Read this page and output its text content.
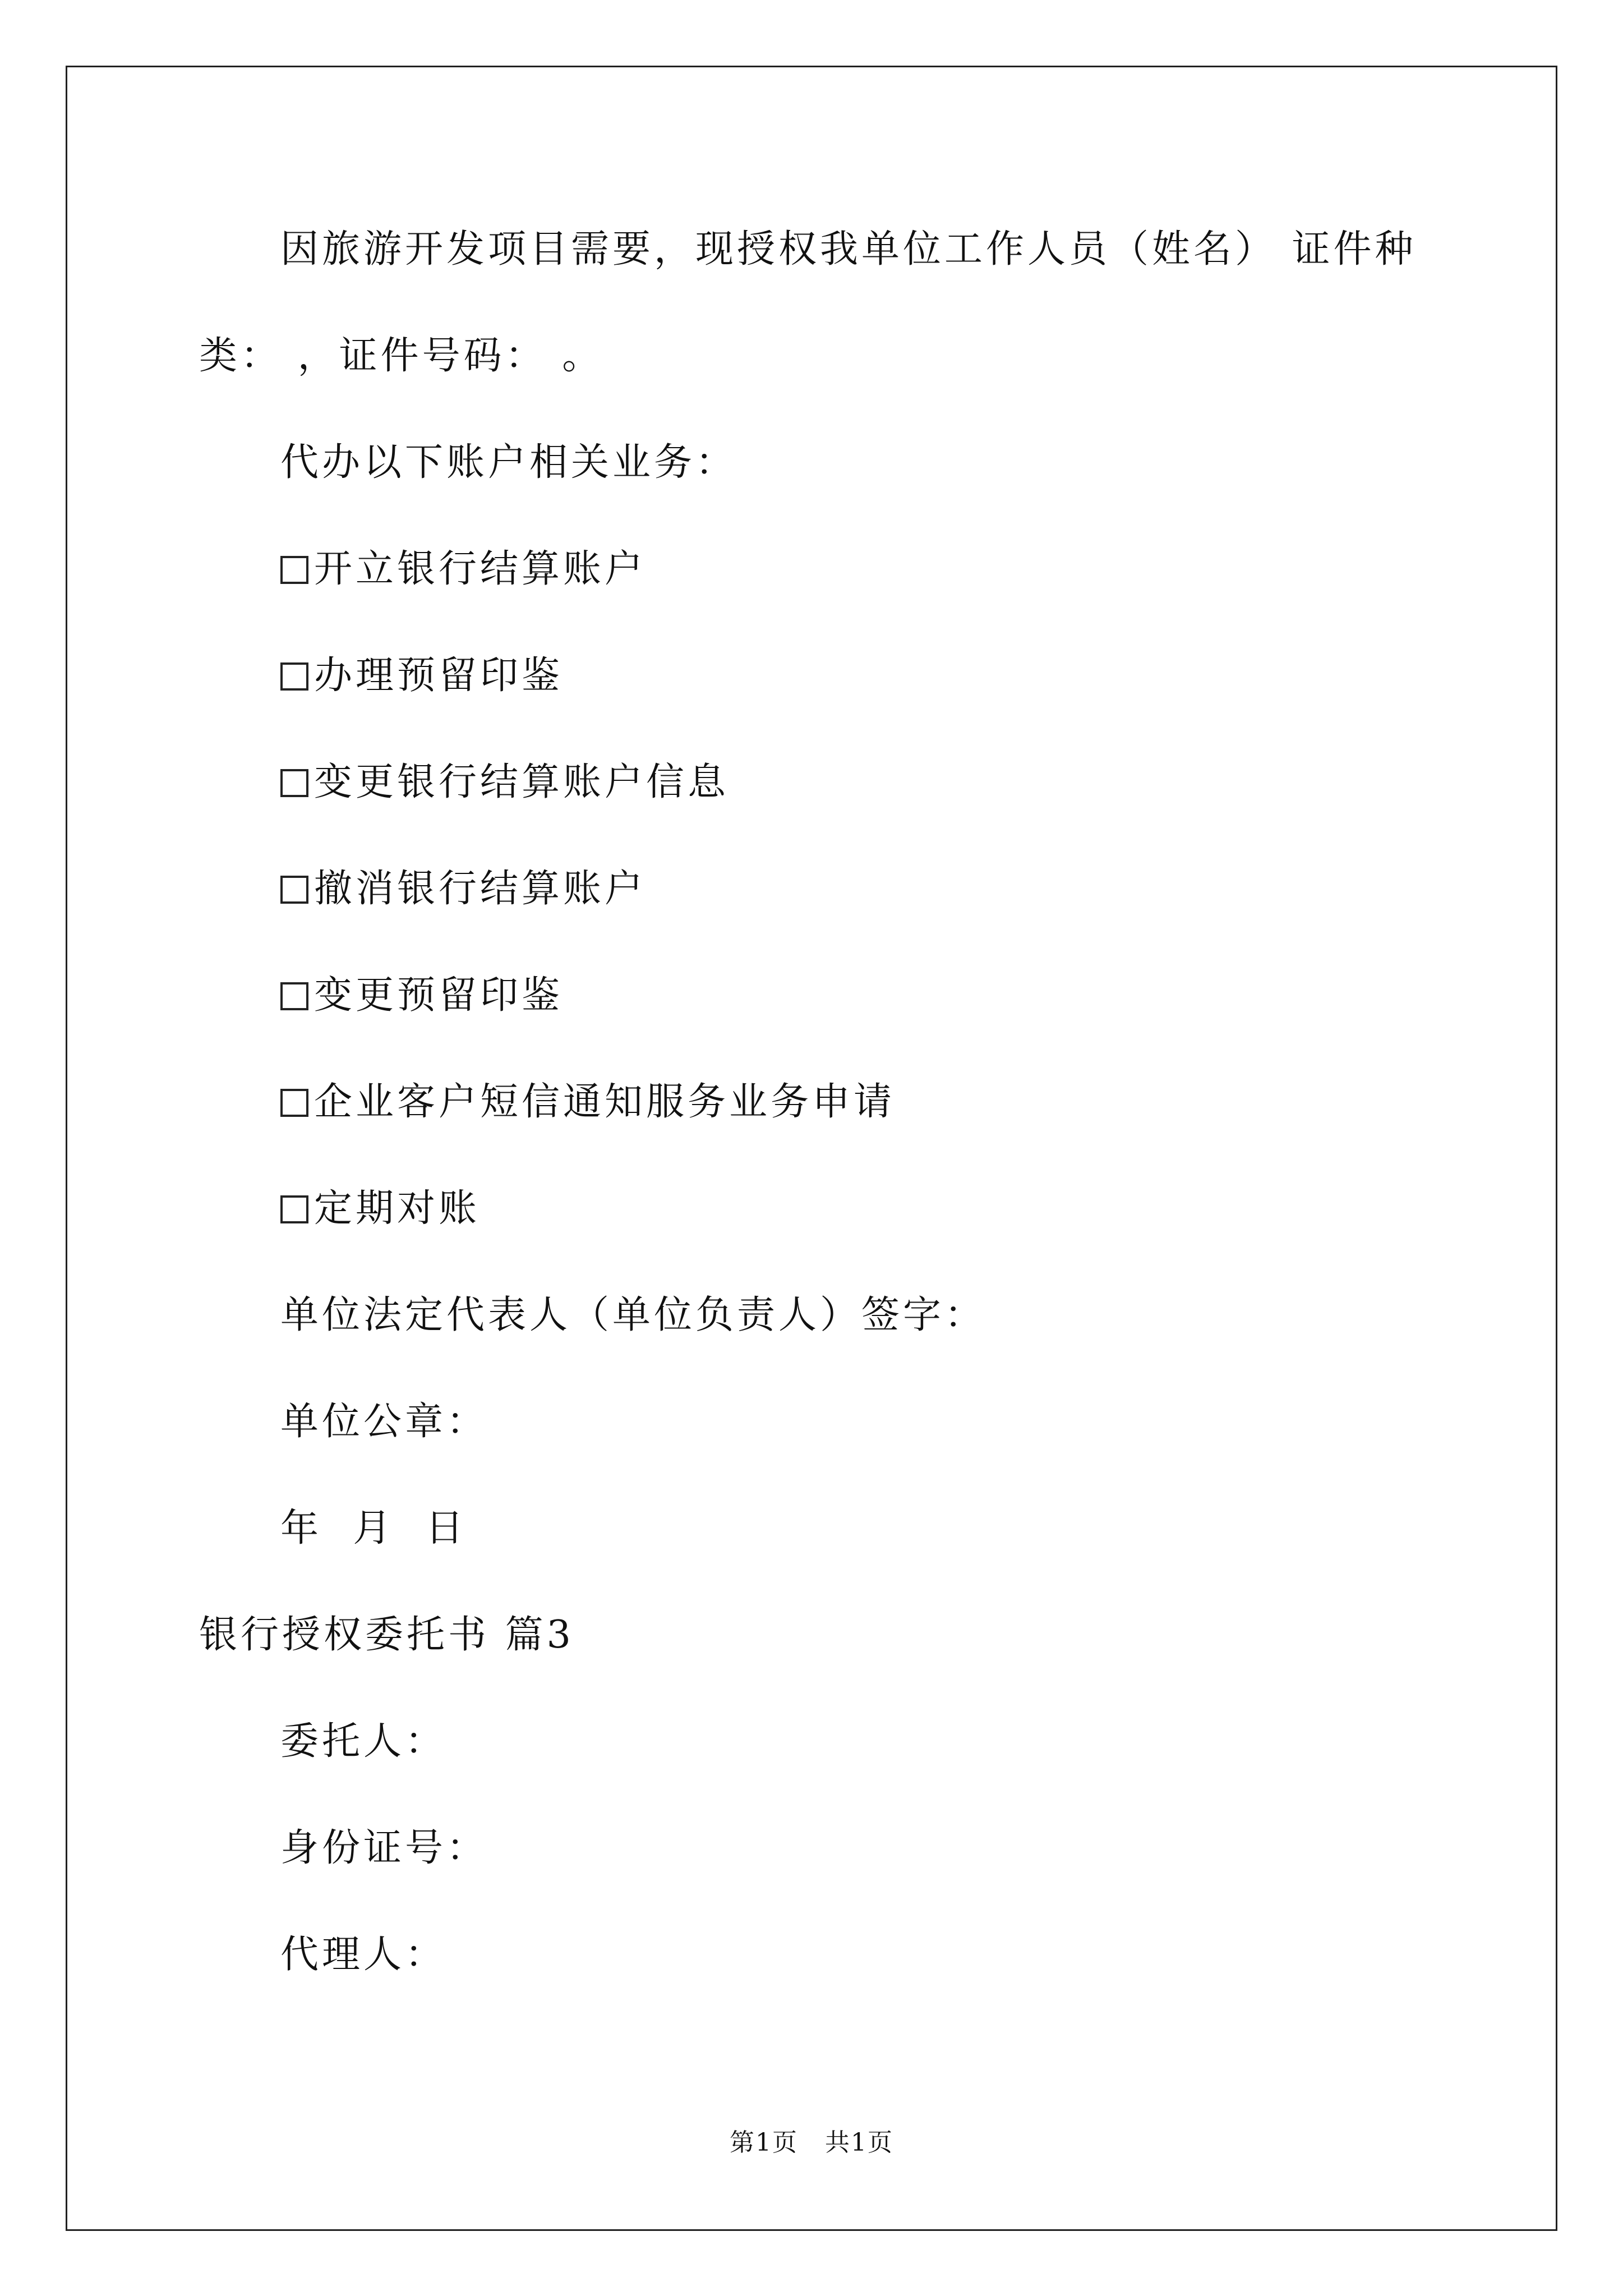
因旅游开发项目需要，现授权我单位工作人员（姓名） 证件种
类： ，证件号码： 。
代办以下账户相关业务：
开立银行结算账户
办理预留印鉴
变更银行结算账户信息
撤消银行结算账户
变更预留印鉴
企业客户短信通知服务业务申请
定期对账
单位法定代表人（单位负责人）签字：
单位公章：
年  月  日
银行授权委托书 篇3
委托人：
身份证号：
代理人：
第1页   共1页
